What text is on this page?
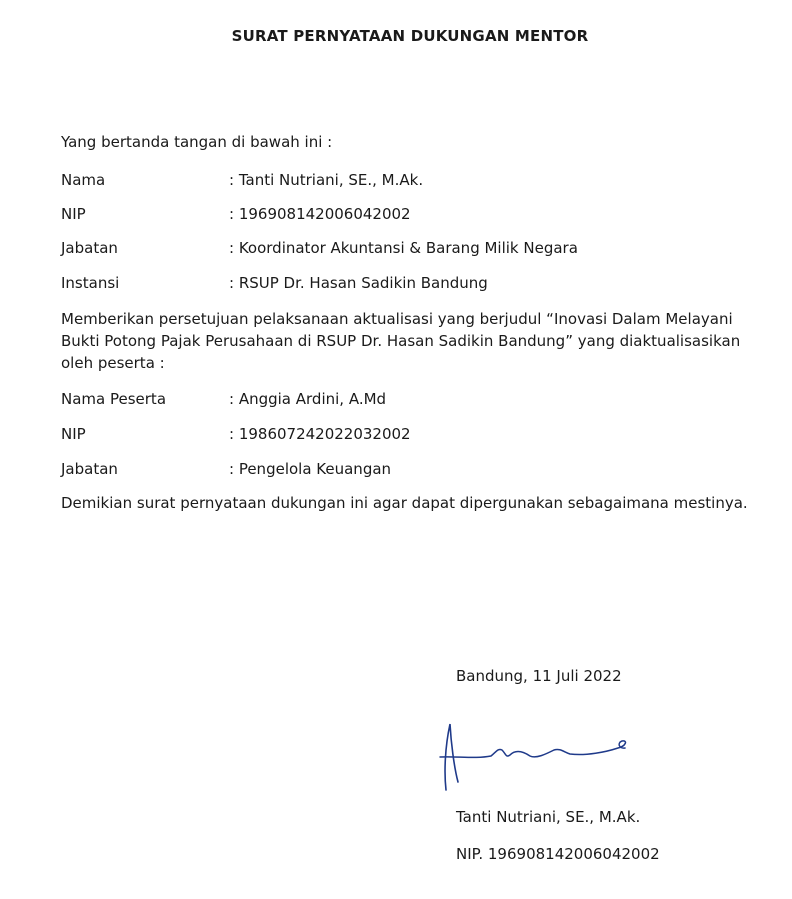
SURAT PERNYATAAN DUKUNGAN MENTOR
Yang bertanda tangan di bawah ini :
Nama	: Tanti Nutriani, SE., M.Ak.
NIP	: 196908142006042002
Jabatan	: Koordinator Akuntansi & Barang Milik Negara
Instansi	: RSUP Dr. Hasan Sadikin Bandung
Memberikan persetujuan pelaksanaan aktualisasi yang berjudul “Inovasi Dalam Melayani
Bukti Potong Pajak Perusahaan di RSUP Dr. Hasan Sadikin Bandung” yang diaktualisasikan
oleh peserta :
Nama Peserta	: Anggia Ardini, A.Md
NIP	: 198607242022032002
Jabatan	: Pengelola Keuangan
Demikian surat pernyataan dukungan ini agar dapat dipergunakan sebagaimana mestinya.
Bandung, 11 Juli 2022
Tanti Nutriani, SE., M.Ak.
NIP. 196908142006042002
